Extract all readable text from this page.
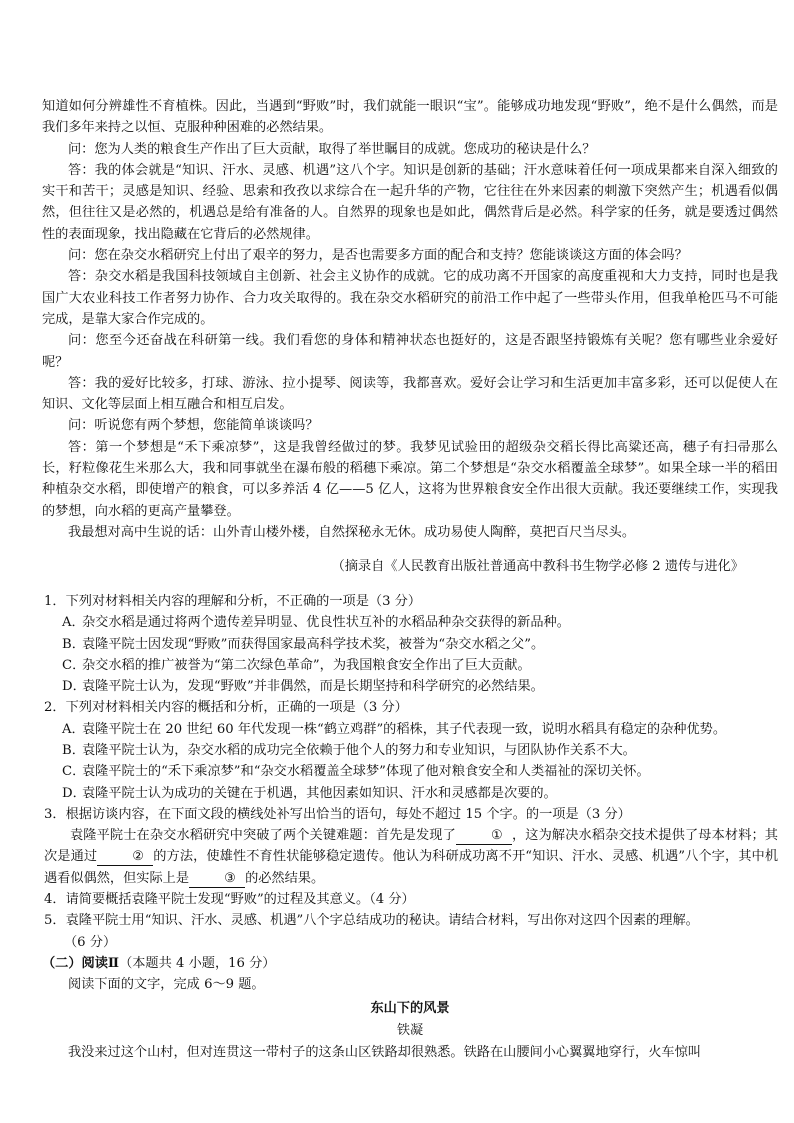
知道如何分辨雄性不育植株。因此，当遇到“野败”时，我们就能一眼识“宝”。能够成功地发现“野败”，绝不是什么偶然，而是我们多年来持之以恒、克服种种困难的必然结果。

问：您为人类的粮食生产作出了巨大贡献，取得了举世瞩目的成就。您成功的秘诀是什么？

答：我的体会就是“知识、汗水、灵感、机遇”这八个字。知识是创新的基础；汗水意味着任何一项成果都来自深入细致的实干和苦干；灵感是知识、经验、思索和孜孜以求综合在一起升华的产物，它往往在外来因素的刺激下突然产生；机遇看似偶然，但往往又是必然的，机遇总是给有准备的人。自然界的现象也是如此，偶然背后是必然。科学家的任务，就是要透过偶然性的表面现象，找出隐藏在它背后的必然规律。

问：您在杂交水稻研究上付出了艰辛的努力，是否也需要多方面的配合和支持？您能谈谈这方面的体会吗？

答：杂交水稻是我国科技领域自主创新、社会主义协作的成就。它的成功离不开国家的高度重视和大力支持，同时也是我国广大农业科技工作者努力协作、合力攻关取得的。我在杂交水稻研究的前沿工作中起了一些带头作用，但我单枪匹马不可能完成，是靠大家合作完成的。

问：您至今还奋战在科研第一线。我们看您的身体和精神状态也挺好的，这是否跟坚持锻炼有关呢？您有哪些业余爱好呢？

答：我的爱好比较多，打球、游泳、拉小提琴、阅读等，我都喜欢。爱好会让学习和生活更加丰富多彩，还可以促使人在知识、文化等层面上相互融合和相互启发。

问：听说您有两个梦想，您能简单谈谈吗？

答：第一个梦想是“禾下乘凉梦”，这是我曾经做过的梦。我梦见试验田的超级杂交稻长得比高粱还高，穗子有扫帚那么长，籽粒像花生米那么大，我和同事就坐在瀑布般的稻穗下乘凉。第二个梦想是“杂交水稻覆盖全球梦”。如果全球一半的稻田种植杂交水稻，即使增产的粮食，可以多养活 4 亿——5 亿人，这将为世界粮食安全作出很大贡献。我还要继续工作，实现我的梦想，向水稻的更高产量攀登。

我最想对高中生说的话：山外青山楼外楼，自然探秘永无休。成功易使人陶醉，莫把百尺当尽头。

（摘录自《人民教育出版社普通高中教科书生物学必修 2 遗传与进化》

1．下列对材料相关内容的理解和分析，不正确的一项是（3 分）

A．杂交水稻是通过将两个遗传差异明显、优良性状互补的水稻品种杂交获得的新品种。

B．袁隆平院士因发现“野败”而获得国家最高科学技术奖，被誉为“杂交水稻之父”。

C．杂交水稻的推广被誉为“第二次绿色革命”，为我国粮食安全作出了巨大贡献。

D．袁隆平院士认为，发现“野败”并非偶然，而是长期坚持和科学研究的必然结果。

2．下列对材料相关内容的概括和分析，正确的一项是（3 分）

A．袁隆平院士在 20 世纪 60 年代发现一株“鹤立鸡群”的稻株，其子代表现一致，说明水稻具有稳定的杂种优势。

B．袁隆平院士认为，杂交水稻的成功完全依赖于他个人的努力和专业知识，与团队协作关系不大。

C．袁隆平院士的“禾下乘凉梦”和“杂交水稻覆盖全球梦”体现了他对粮食安全和人类福祉的深切关怀。

D．袁隆平院士认为成功的关键在于机遇，其他因素如知识、汗水和灵感都是次要的。

3．根据访谈内容，在下面文段的横线处补写出恰当的语句，每处不超过 15 个字。的一项是（3 分）

袁隆平院士在杂交水稻研究中突破了两个关键难题：首先是发现了	① ，这为解决水稻杂交技术提供了母本材料；其次是通过	② 的方法，使雄性不育性状能够稳定遗传。他认为科研成功离不开“知识、汗水、灵感、机遇”八个字，其中机遇看似偶然，但实际上是	③ 的必然结果。

4．请简要概括袁隆平院士发现“野败”的过程及其意义。（4 分）

5．袁隆平院士用“知识、汗水、灵感、机遇”八个字总结成功的秘诀。请结合材料，写出你对这四个因素的理解。
（6 分）

（二）阅读Ⅱ（本题共 4 小题，16 分）

阅读下面的文字，完成 6～9 题。

东山下的风景

铁凝

我没来过这个山村，但对连贯这一带村子的这条山区铁路却很熟悉。铁路在山腰间小心翼翼地穿行，火车惊叫
